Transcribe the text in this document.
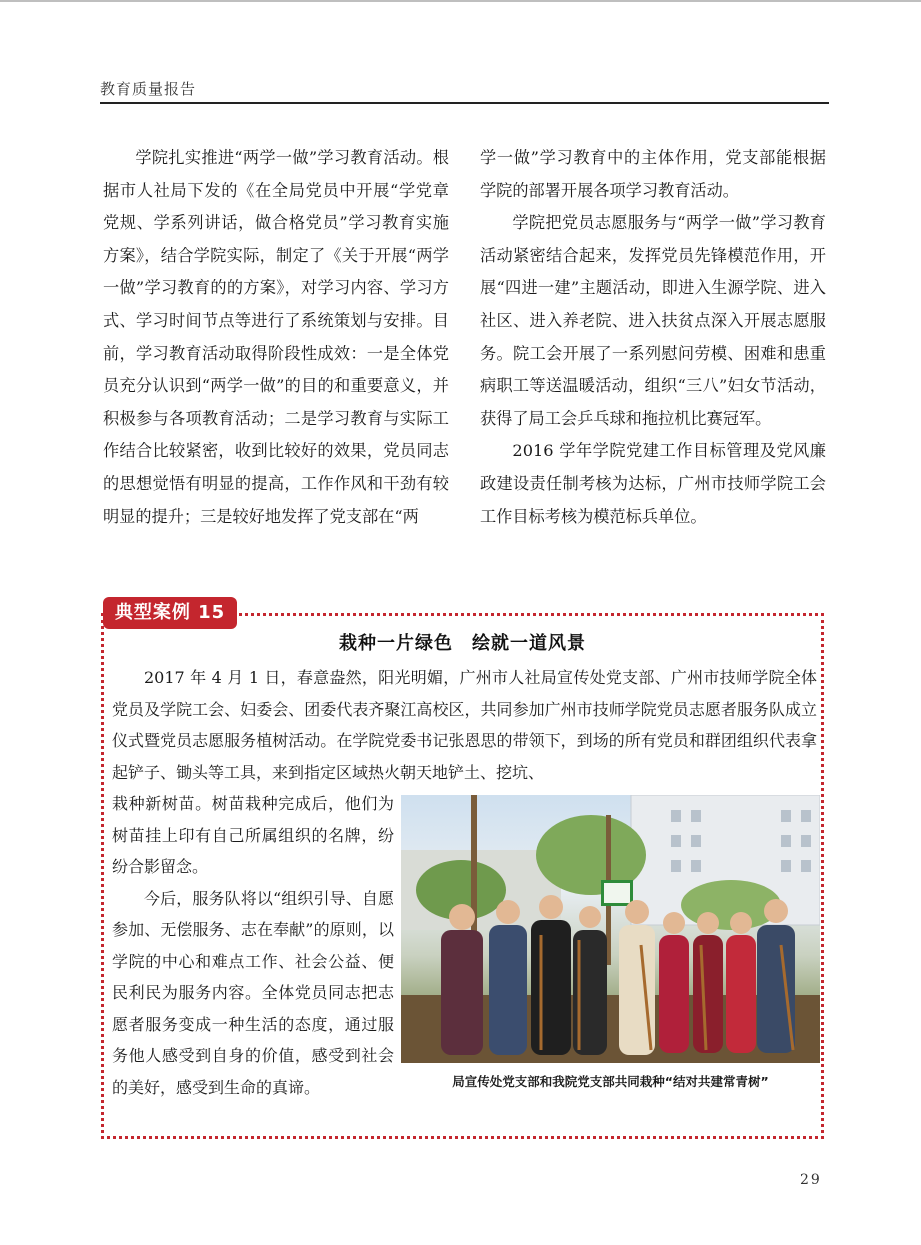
教育质量报告

学院扎实推进“两学一做”学习教育活动。根据市人社局下发的《在全局党员中开展“学党章党规、学系列讲话，做合格党员”学习教育实施方案》，结合学院实际，制定了《关于开展“两学一做”学习教育的的方案》，对学习内容、学习方式、学习时间节点等进行了系统策划与安排。目前，学习教育活动取得阶段性成效：一是全体党员充分认识到“两学一做”的目的和重要意义，并积极参与各项教育活动；二是学习教育与实际工作结合比较紧密，收到比较好的效果，党员同志的思想觉悟有明显的提高，工作作风和干劲有较明显的提升；三是较好地发挥了党支部在“两

学一做”学习教育中的主体作用，党支部能根据学院的部署开展各项学习教育活动。

学院把党员志愿服务与“两学一做”学习教育活动紧密结合起来，发挥党员先锋模范作用，开展“四进一建”主题活动，即进入生源学院、进入社区、进入养老院、进入扶贫点深入开展志愿服务。院工会开展了一系列慰问劳模、困难和患重病职工等送温暖活动，组织“三八”妇女节活动，获得了局工会乒乓球和拖拉机比赛冠军。

2016 学年学院党建工作目标管理及党风廉政建设责任制考核为达标，广州市技师学院工会工作目标考核为模范标兵单位。

典型案例 15
栽种一片绿色　绘就一道风景

2017 年 4 月 1 日，春意盎然，阳光明媚，广州市人社局宣传处党支部、广州市技师学院全体党员及学院工会、妇委会、团委代表齐聚江高校区，共同参加广州市技师学院党员志愿者服务队成立仪式暨党员志愿服务植树活动。在学院党委书记张恩思的带领下，到场的所有党员和群团组织代表拿起铲子、锄头等工具，来到指定区域热火朝天地铲土、挖坑、

栽种新树苗。树苗栽种完成后，他们为树苗挂上印有自己所属组织的名牌，纷纷合影留念。

今后，服务队将以“组织引导、自愿参加、无偿服务、志在奉献”的原则，以学院的中心和难点工作、社会公益、便民利民为服务内容。全体党员同志把志愿者服务变成一种生活的态度，通过服务他人感受到自身的价值，感受到社会的美好，感受到生命的真谛。	局宣传处党支部和我院党支部共同栽种“结对共建常青树”
29
